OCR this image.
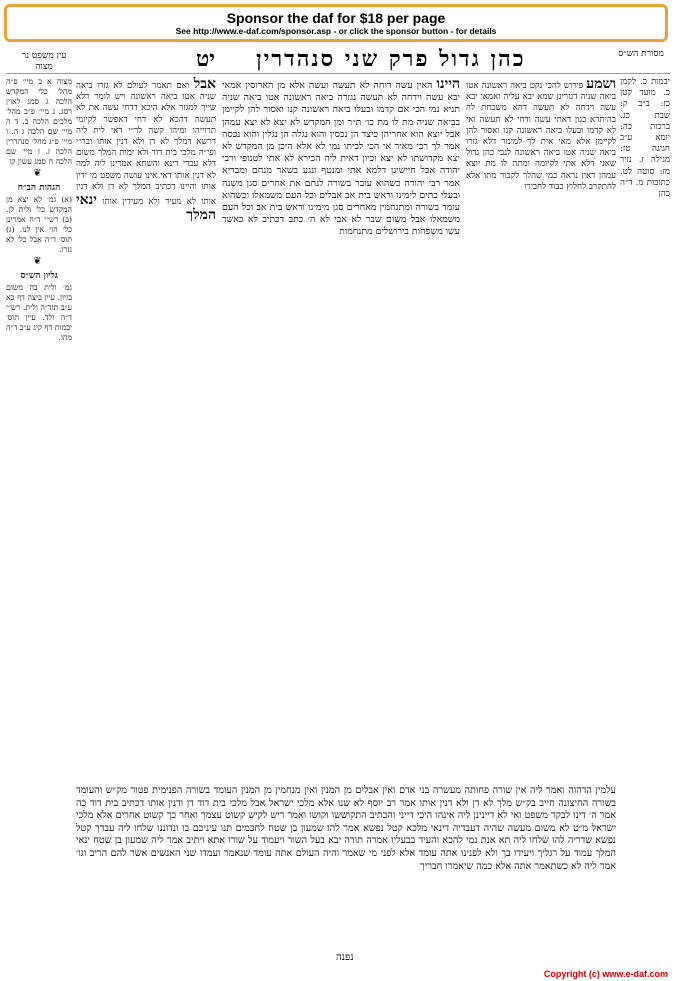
Sponsor the daf for $18 per page
See http://www.e-daf.com/sponsor.asp - or click the sponsor button - for details
מסורת הש״ס
כהן גדול פרק שני סנהדרין
יט
עין משפט נר מצוה
יבמות כ. לקמן כ. מועד קטן כז: ב״ב ק: שבת כג. ברכות כה: יומא ע״ב חגיגה טז: מגילה ז. נזיר מז: סוטה לט. כתובות מ. ד״ה כהן
ושמע פירוש להכי נקט ביאה ראשונה אטו ביאה שניה דגזרינן שמא יבא עליה ואמאי יבא עשה וידחה לא תעשה דהא משכחת לה בהיתרא כגון דאתי עשה ודחי לא תעשה ואי לא קדמו ובעלו ביאה ראשונה קנו ואסור להן לקיימן אלא מאי אית לך למימר דלא גזרו ביאה שניה אטו ביאה ראשונה לגבי כהן גדול שאני דלא אתי לקיומה ומתה לו מת יוצא עמהן דאין נראה כמי שהלך לקבור מתו אלא להתקרב לחלוץ כבוד לחבירו
היינו האין עשה דוחה לא תעשה ועשה אלא מן הארוסין אמאי יבא עשה וידחה לא תעשה נגזרה ביאה ראשונה אטו ביאה שניה תניא נמי הכי אם קדמו ובעלו ביאה ראשונה קנו ואסור להן לקיימן בביאה שניה מת לו מת כו׳ ת״ר ומן המקדש לא יצא לא יצא עמהן אבל יוצא הוא אחריהן כיצד הן נכסין והוא נגלה הן נגלין והוא נכסה אמר לך רבי מאיר אי הכי לביתו נמי לא אלא היכן מן המקדש לא יצא מקדושתו לא יצא וכיון דאית ליה הכירא לא אתי לטנופי ורבי יהודה אכל חיישינן דלמא אתי ומנטף ונגע בשאר מנחם ומבריא אמר רבי יהודה כשהוא עובר בשורה לנחם את אחרים סגן משנה ובעלי בתים לימינו וראש בית אב אבלים וכל העם משמאלו וכשהוא עומד בשורה ומתנחמין מאחרים סגן מימינו וראש בית אב וכל העם משמאלו אבל משום שבר לא אבי לא ה׳ כתב דכתיב לא כאשר עשו משפחות בירושלים מתנחמות
אבל ואם תאמר לעולם לא גזרו ביאה שניה אטו ביאה ראשונה ויש לומר דלא שייך למגזר אלא היכא דדחי עשה את לא תעשה דהכא לא דחי דאפשר לקיומי תרוייהו ומיהו קשה לר״י דאי לית ליה דרשא דמלך לא דן ולא דנין אותו ובר״י ופי״ה מלכי בית דוד ולא ימות המלך משום דלא עבדי דינא והשתא אמרינן ליה למה לא דנין אותו דאי אינו עושה משפט מי ידין אותו והיינו דכתיב המלך לא דן ולא דנין אותו לא מעיד ולא מעידין אותו ינאי המלך
מצוה א ב מיי׳ פ״ה מהל׳ כלי המקדש הלכה ג סמג לאוין רסג. ג מיי׳ פ״ב מהל׳ מלכים הלכה ב. ד ה מיי׳ שם הלכה ג ה. ו מיי׳ פ״ג מהל׳ סנהדרין הלכה ז. ז מיי׳ שם הלכה ח סמג עשין קז
❦
הגהות הב״ח
(א) גמ׳ לא יצא מן המקדש כל׳ ולית לן. (ב) רש״י ד״ה אמרינן כל׳ הוי אין לנו. (ג) תוס׳ ד״ה אבל כל׳ לא גזרו.
❦
גליון הש״ס
גמ׳ ולית בה משום בזיון. עיין ביצה דף כא ע״ב תוד״ה ולית. רש״י ד״ה ולד. עיין תוס׳ יבמות דף קיג ע״ב ד״ה מהו.
עלמין הדהוה ואמר ליה אין שורה פחותה מעשרה בני אדם ואין אבלים מן המנין ואין מנחמין מן המנין העומד בשורה הפנימית פטור מק״ש והעומד בשורה החיצונה חייב בק״ש מלך לא דן ולא דנין אותו אמר רב יוסף לא שנו אלא מלכי ישראל אבל מלכי בית דוד דן ודנין אותו דכתיב בית דוד כה אמר ה׳ דינו לבקר משפט ואי לא דיינינן ליה אינהו היכי דייני והכתיב התקוששו וקושו ואמר ריש לקיש קשוט עצמך ואחר כך קשוט אחרים אלא מלכי ישראל מ״ט לא משום מעשה שהיה דעבדיה דינאי מלכא קטל נפשא אמר להו שמעון בן שטח לחכמים תנו עיניכם בו ונדוננו שלחו ליה עבדך קטל נפשא שדריה להו שלחו ליה תא אנת נמי להכא והעיד בבעליו אמרה תורה יבא בעל השור ויעמוד על שורו אתא ויתיב אמר ליה שמעון בן שטח ינאי המלך עמוד על רגליך ויעידו בך ולא לפנינו אתה עומד אלא לפני מי שאמר והיה העולם אתה עומד שנאמר ועמדו שני האנשים אשר להם הריב וגו׳ אמר ליה לא כשתאמר אתה אלא כמה שיאמרו חבריך
נפנה
Copyright (c) www.e-daf.com
